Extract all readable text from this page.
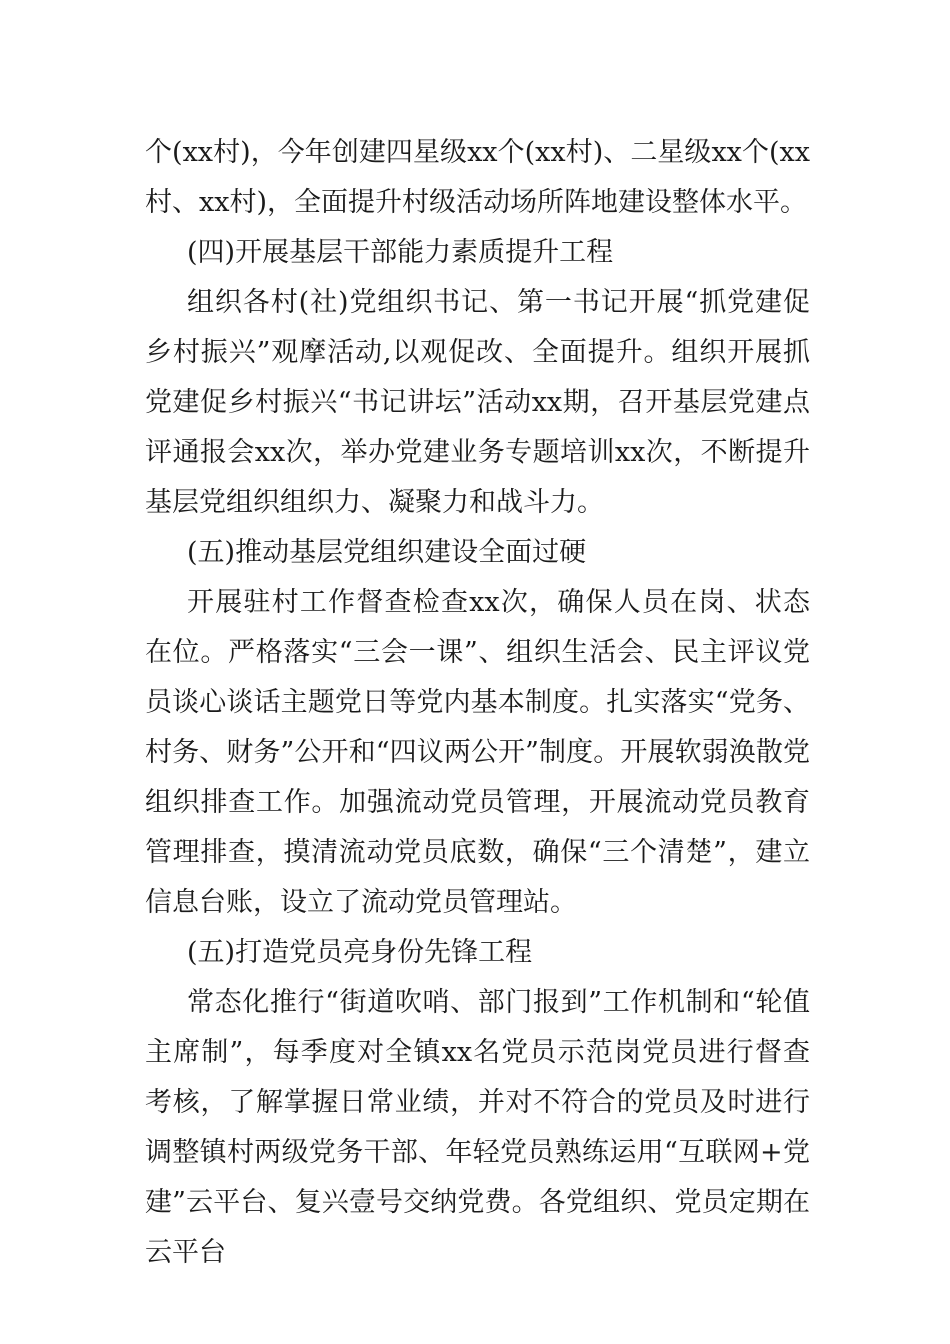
个(xx村)，今年创建四星级xx个(xx村)、二星级xx个(xx村、xx村)，全面提升村级活动场所阵地建设整体水平。

(四)开展基层干部能力素质提升工程

组织各村(社)党组织书记、第一书记开展“抓党建促乡村振兴”观摩活动,以观促改、全面提升。组织开展抓党建促乡村振兴“书记讲坛”活动xx期，召开基层党建点评通报会xx次，举办党建业务专题培训xx次，不断提升基层党组织组织力、凝聚力和战斗力。

(五)推动基层党组织建设全面过硬

开展驻村工作督查检查xx次，确保人员在岗、状态在位。严格落实“三会一课”、组织生活会、民主评议党员谈心谈话主题党日等党内基本制度。扎实落实“党务、村务、财务”公开和“四议两公开”制度。开展软弱涣散党组织排查工作。加强流动党员管理，开展流动党员教育管理排查，摸清流动党员底数，确保“三个清楚”，建立信息台账，设立了流动党员管理站。

(五)打造党员亮身份先锋工程

常态化推行“街道吹哨、部门报到”工作机制和“轮值主席制”，每季度对全镇xx名党员示范岗党员进行督查考核，了解掌握日常业绩，并对不符合的党员及时进行调整镇村两级党务干部、年轻党员熟练运用“互联网+党建”云平台、复兴壹号交纳党费。各党组织、党员定期在云平台
